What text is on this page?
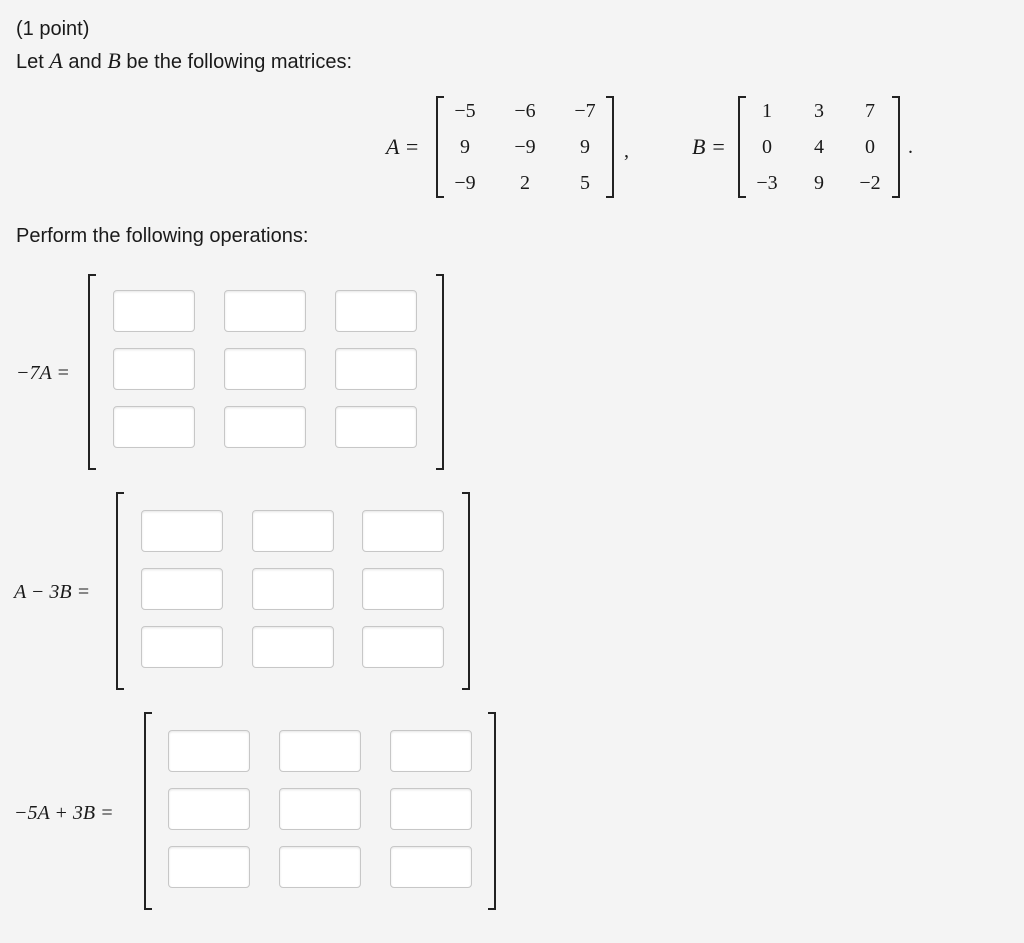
(1 point)
Let A and B be the following matrices:
A =
−5	−6	−7
9	−9	9
−9	2	5
,	B =
1	3	7
0	4	0
−3	9	−2
.
Perform the following operations:
−7A =
A − 3B =
−5A + 3B =
